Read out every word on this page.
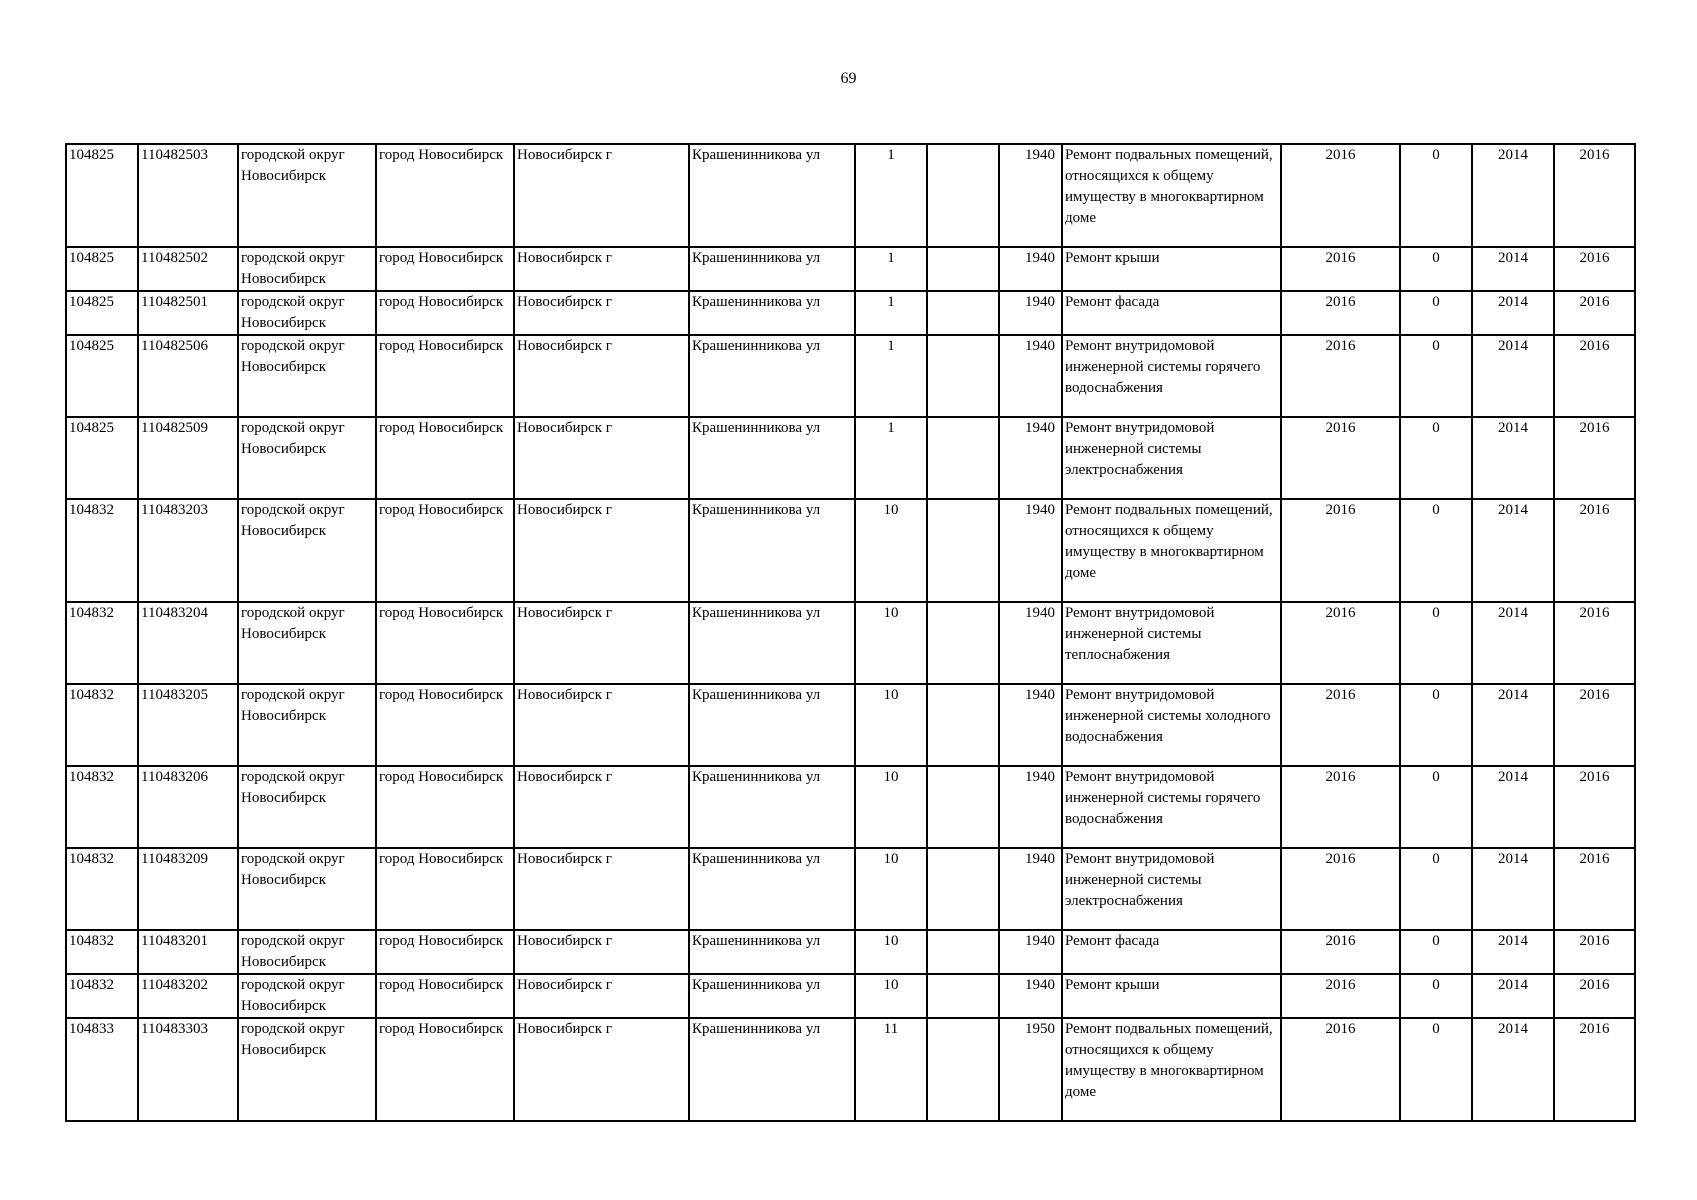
69
104825	110482503	городской округ Новосибирск	город Новосибирск	Новосибирск г	Крашенинникова ул	1		1940	Ремонт подвальных помещений, относящихся к общему имуществу в многоквартирном доме	2016	0	2014	2016
104825	110482502	городской округ Новосибирск	город Новосибирск	Новосибирск г	Крашенинникова ул	1		1940	Ремонт крыши	2016	0	2014	2016
104825	110482501	городской округ Новосибирск	город Новосибирск	Новосибирск г	Крашенинникова ул	1		1940	Ремонт фасада	2016	0	2014	2016
104825	110482506	городской округ Новосибирск	город Новосибирск	Новосибирск г	Крашенинникова ул	1		1940	Ремонт внутридомовой инженерной системы горячего водоснабжения	2016	0	2014	2016
104825	110482509	городской округ Новосибирск	город Новосибирск	Новосибирск г	Крашенинникова ул	1		1940	Ремонт внутридомовой инженерной системы электроснабжения	2016	0	2014	2016
104832	110483203	городской округ Новосибирск	город Новосибирск	Новосибирск г	Крашенинникова ул	10		1940	Ремонт подвальных помещений, относящихся к общему имуществу в многоквартирном доме	2016	0	2014	2016
104832	110483204	городской округ Новосибирск	город Новосибирск	Новосибирск г	Крашенинникова ул	10		1940	Ремонт внутридомовой инженерной системы теплоснабжения	2016	0	2014	2016
104832	110483205	городской округ Новосибирск	город Новосибирск	Новосибирск г	Крашенинникова ул	10		1940	Ремонт внутридомовой инженерной системы холодного водоснабжения	2016	0	2014	2016
104832	110483206	городской округ Новосибирск	город Новосибирск	Новосибирск г	Крашенинникова ул	10		1940	Ремонт внутридомовой инженерной системы горячего водоснабжения	2016	0	2014	2016
104832	110483209	городской округ Новосибирск	город Новосибирск	Новосибирск г	Крашенинникова ул	10		1940	Ремонт внутридомовой инженерной системы электроснабжения	2016	0	2014	2016
104832	110483201	городской округ Новосибирск	город Новосибирск	Новосибирск г	Крашенинникова ул	10		1940	Ремонт фасада	2016	0	2014	2016
104832	110483202	городской округ Новосибирск	город Новосибирск	Новосибирск г	Крашенинникова ул	10		1940	Ремонт крыши	2016	0	2014	2016
104833	110483303	городской округ Новосибирск	город Новосибирск	Новосибирск г	Крашенинникова ул	11		1950	Ремонт подвальных помещений, относящихся к общему имуществу в многоквартирном доме	2016	0	2014	2016
